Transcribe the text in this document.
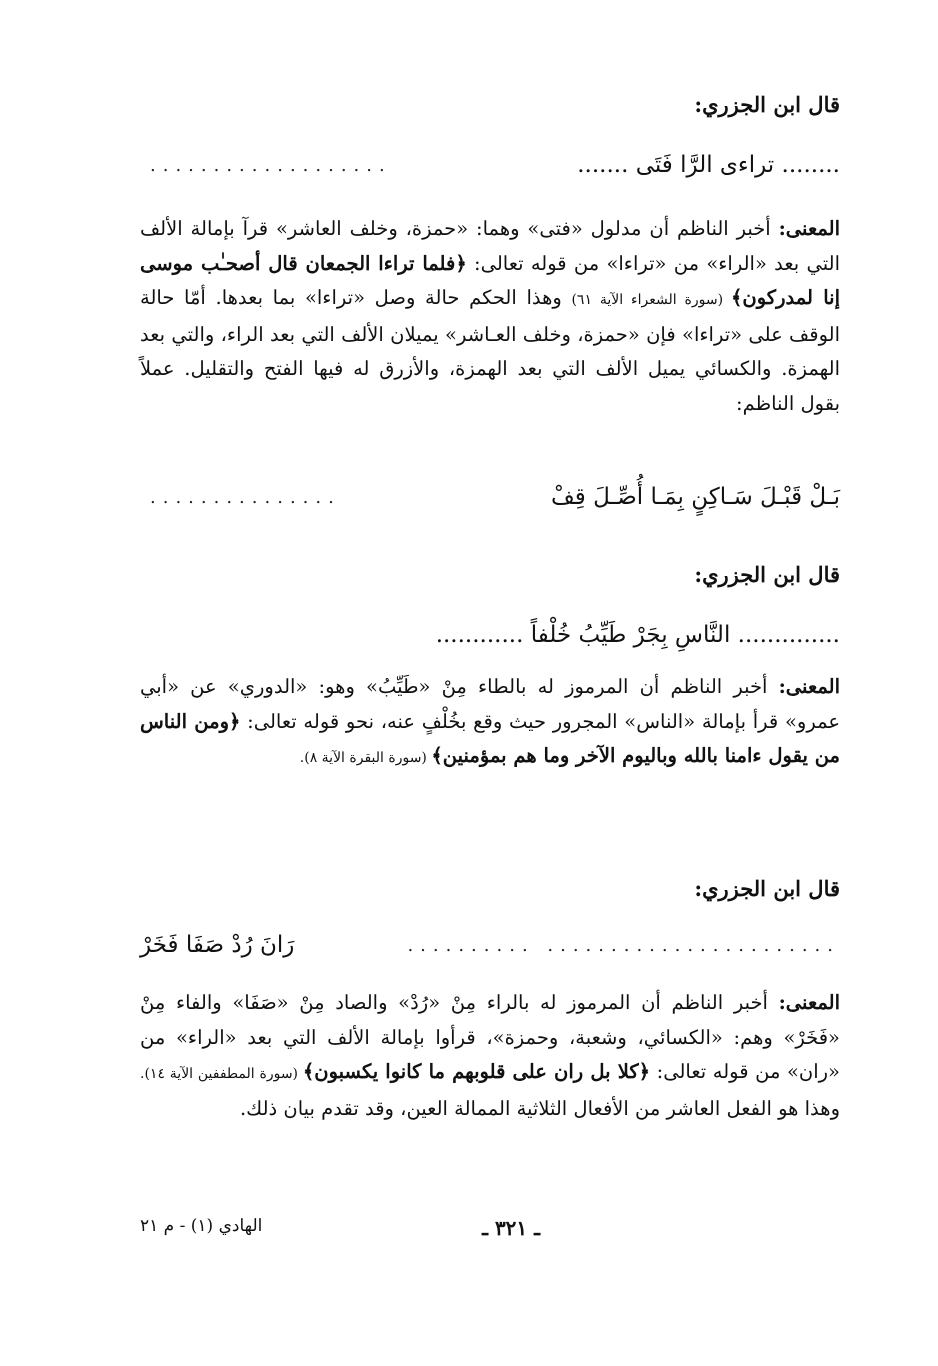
قال ابن الجزري:
........ تراءى الرَّا فَتَى .......
...................
المعنى: أخبر الناظم أن مدلول «فتى» وهما: «حمزة، وخلف العاشر» قرآ بإمالة الألف التي بعد «الراء» من «تراءا» من قوله تعالى: ﴿فلما تراءا الجمعان قال أصحـٰب موسى إنا لمدركون﴾ (سورة الشعراء الآية ٦١) وهذا الحكم حالة وصل «تراءا» بما بعدها. أمّا حالة الوقف على «تراءا» فإن «حمزة، وخلف العـاشر» يميلان الألف التي بعد الراء، والتي بعد الهمزة. والكسائي يميل الألف التي بعد الهمزة، والأزرق له فيها الفتح والتقليل. عملاً بقول الناظم:
بَـلْ قَبْـلَ سَـاكِنٍ بِمَـا أُصِّـلَ قِفْ
...............
قال ابن الجزري:
.............. النَّاسِ بِجَرْ طَيِّبُ خُلْفاً ............
المعنى: أخبر الناظم أن المرموز له بالطاء مِنْ «طَيِّبُ» وهو: «الدوري» عن «أبي عمرو» قرأ بإمالة «الناس» المجرور حيث وقع بخُلْفٍ عنه، نحو قوله تعالى: ﴿ومن الناس من يقول ءامنا بالله وباليوم الآخر وما هم بمؤمنين﴾ (سورة البقرة الآية ٨).
قال ابن الجزري:
....................... ..........
رَانَ رُدْ صَفَا فَخَرْ
المعنى: أخبر الناظم أن المرموز له بالراء مِنْ «رُدْ» والصاد مِنْ «صَفَا» والفاء مِنْ «فَخَرْ» وهم: «الكسائي، وشعبة، وحمزة»، قرأوا بإمالة الألف التي بعد «الراء» من «ران» من قوله تعالى: ﴿كلا بل ران على قلوبهم ما كانوا يكسبون﴾ (سورة المطففين الآية ١٤). وهذا هو الفعل العاشر من الأفعال الثلاثية الممالة العين، وقد تقدم بيان ذلك.
ـ ٣٢١ ـ
الهادي (١) - م ٢١
